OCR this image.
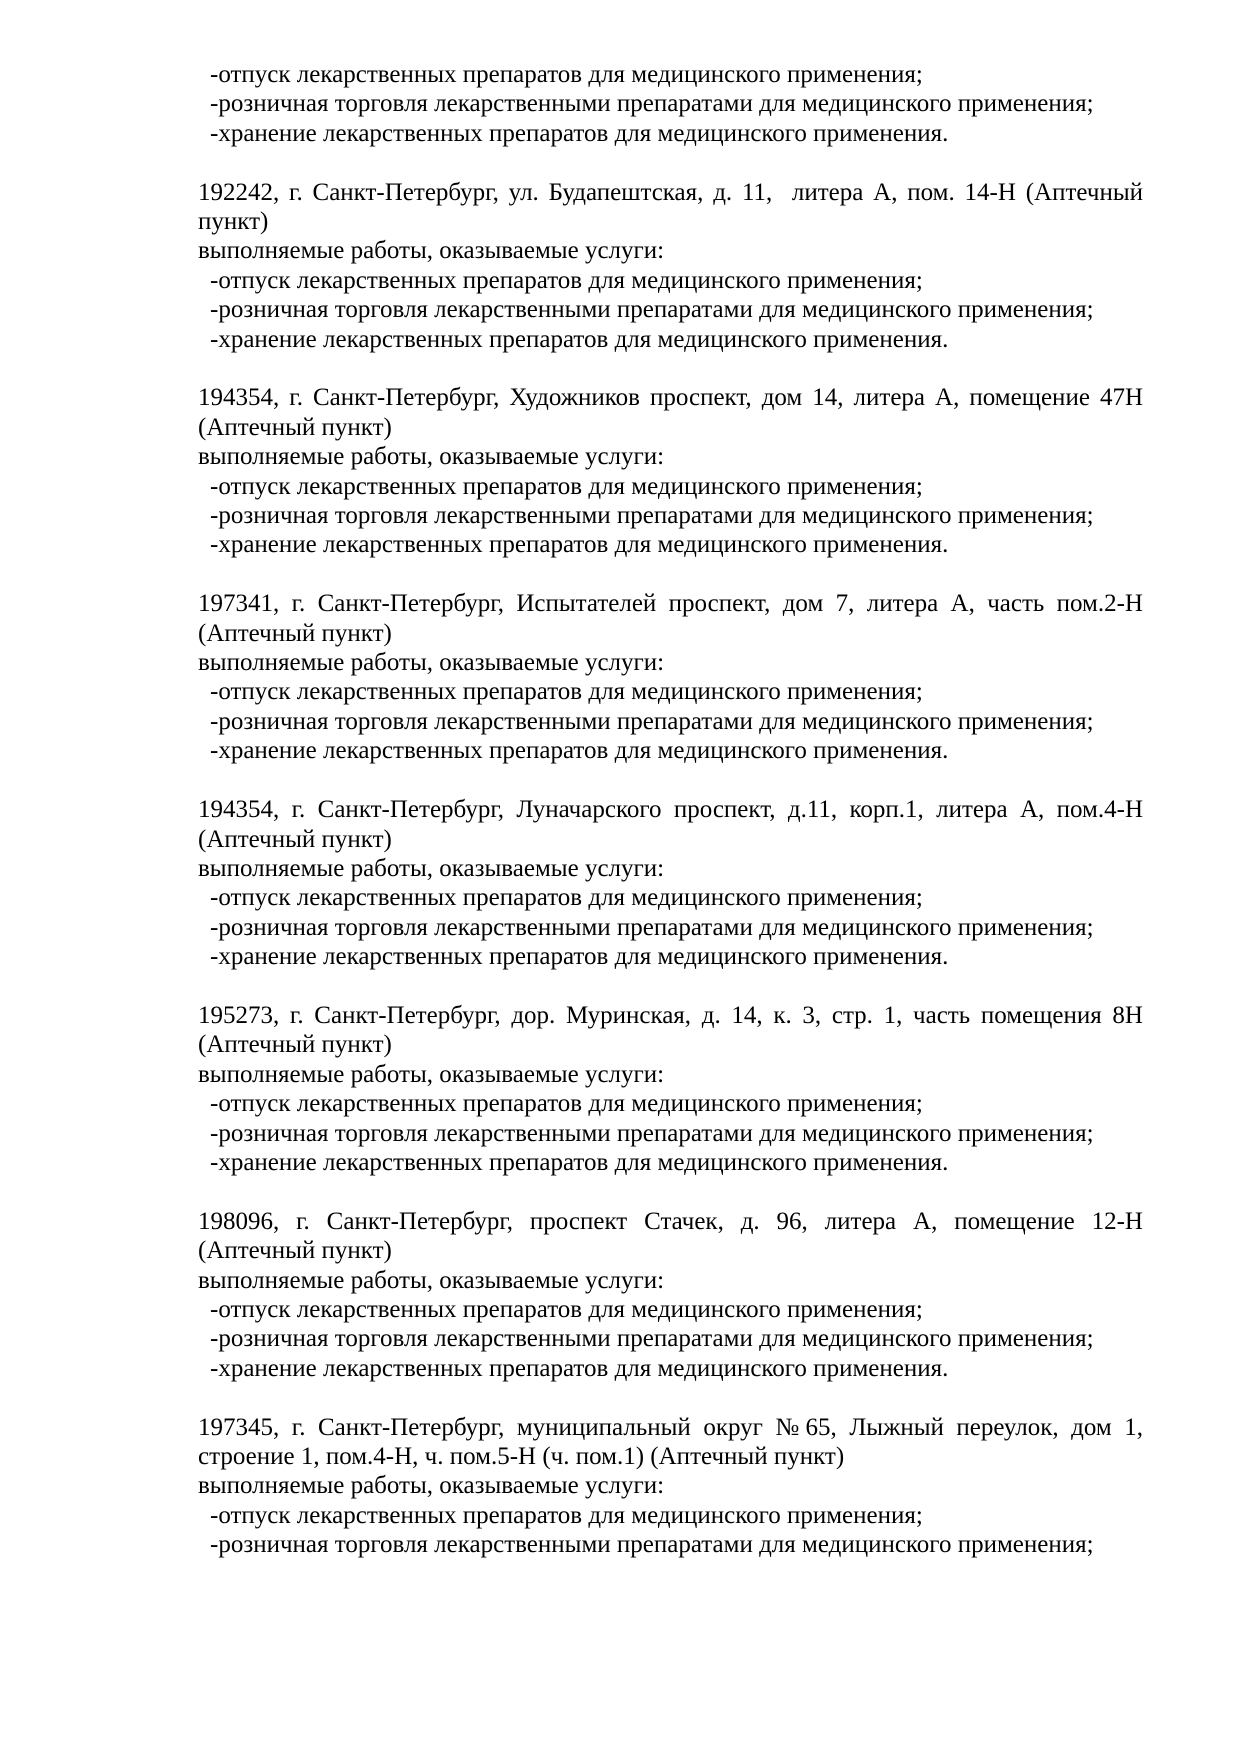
-отпуск лекарственных препаратов для медицинского применения;
-розничная торговля лекарственными препаратами для медицинского применения;
-хранение лекарственных препаратов для медицинского применения.

192242, г. Санкт-Петербург, ул. Будапештская, д. 11,  литера А, пом. 14-Н (Аптечный пункт)

выполняемые работы, оказываемые услуги:
-отпуск лекарственных препаратов для медицинского применения;
-розничная торговля лекарственными препаратами для медицинского применения;
-хранение лекарственных препаратов для медицинского применения.

194354, г. Санкт-Петербург, Художников проспект, дом 14, литера А, помещение 47Н (Аптечный пункт)

выполняемые работы, оказываемые услуги:
-отпуск лекарственных препаратов для медицинского применения;
-розничная торговля лекарственными препаратами для медицинского применения;
-хранение лекарственных препаратов для медицинского применения.

197341, г. Санкт-Петербург, Испытателей проспект, дом 7, литера А, часть пом.2-Н (Аптечный пункт)

выполняемые работы, оказываемые услуги:
-отпуск лекарственных препаратов для медицинского применения;
-розничная торговля лекарственными препаратами для медицинского применения;
-хранение лекарственных препаратов для медицинского применения.

194354, г. Санкт-Петербург, Луначарского проспект, д.11, корп.1, литера А, пом.4-Н (Аптечный пункт)

выполняемые работы, оказываемые услуги:
-отпуск лекарственных препаратов для медицинского применения;
-розничная торговля лекарственными препаратами для медицинского применения;
-хранение лекарственных препаратов для медицинского применения.

195273, г. Санкт-Петербург, дор. Муринская, д. 14, к. 3, стр. 1, часть помещения 8Н (Аптечный пункт)

выполняемые работы, оказываемые услуги:
-отпуск лекарственных препаратов для медицинского применения;
-розничная торговля лекарственными препаратами для медицинского применения;
-хранение лекарственных препаратов для медицинского применения.

198096, г. Санкт-Петербург, проспект Стачек, д. 96, литера А, помещение 12-Н (Аптечный пункт)

выполняемые работы, оказываемые услуги:
-отпуск лекарственных препаратов для медицинского применения;
-розничная торговля лекарственными препаратами для медицинского применения;
-хранение лекарственных препаратов для медицинского применения.

197345, г. Санкт-Петербург, муниципальный округ №65, Лыжный переулок, дом 1, строение 1, пом.4-Н, ч. пом.5-Н (ч. пом.1) (Аптечный пункт)

выполняемые работы, оказываемые услуги:
-отпуск лекарственных препаратов для медицинского применения;
-розничная торговля лекарственными препаратами для медицинского применения;
